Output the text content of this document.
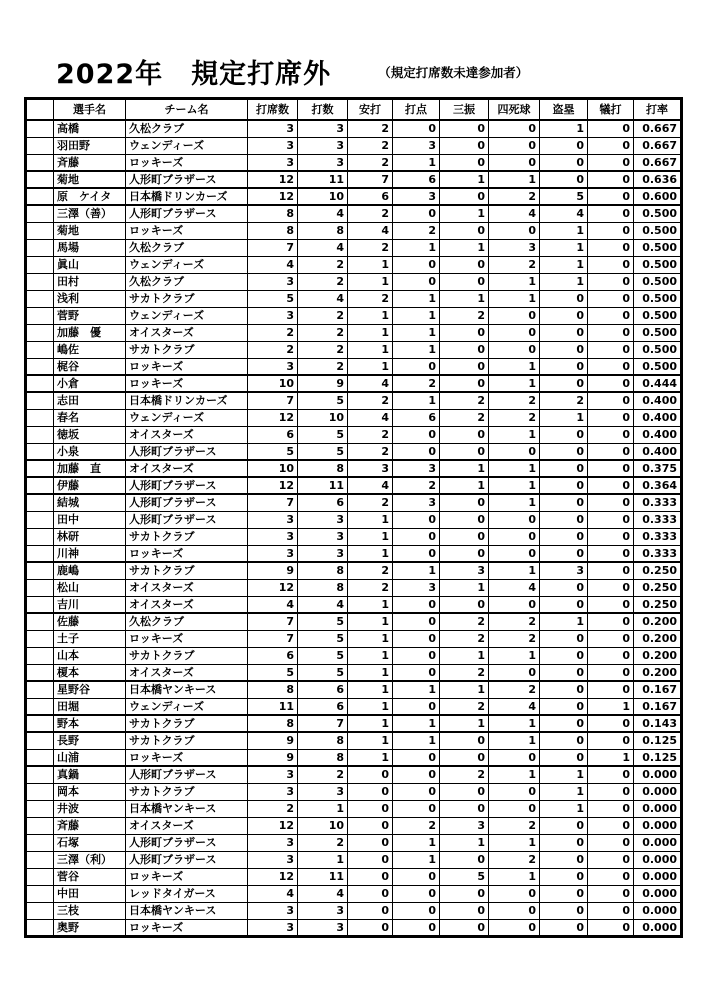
2022年　規定打席外	（規定打席数未達参加者）
	選手名	チーム名	打席数	打数	安打	打点	三振	四死球	盗塁	犠打	打率
	高橋	久松クラブ	3	3	2	0	0	0	1	0	0.667
	羽田野	ウェンディーズ	3	3	2	3	0	0	0	0	0.667
	斉藤	ロッキーズ	3	3	2	1	0	0	0	0	0.667
	菊地	人形町ブラザース	12	11	7	6	1	1	0	0	0.636
	原　ケイタ	日本橋ドリンカーズ	12	10	6	3	0	2	5	0	0.600
	三澤（善）	人形町ブラザース	8	4	2	0	1	4	4	0	0.500
	菊地	ロッキーズ	8	8	4	2	0	0	1	0	0.500
	馬場	久松クラブ	7	4	2	1	1	3	1	0	0.500
	眞山	ウェンディーズ	4	2	1	0	0	2	1	0	0.500
	田村	久松クラブ	3	2	1	0	0	1	1	0	0.500
	浅利	サカトクラブ	5	4	2	1	1	1	0	0	0.500
	菅野	ウェンディーズ	3	2	1	1	2	0	0	0	0.500
	加藤　優	オイスターズ	2	2	1	1	0	0	0	0	0.500
	嶋佐	サカトクラブ	2	2	1	1	0	0	0	0	0.500
	梶谷	ロッキーズ	3	2	1	0	0	1	0	0	0.500
	小倉	ロッキーズ	10	9	4	2	0	1	0	0	0.444
	志田	日本橋ドリンカーズ	7	5	2	1	2	2	2	0	0.400
	春名	ウェンディーズ	12	10	4	6	2	2	1	0	0.400
	徳坂	オイスターズ	6	5	2	0	0	1	0	0	0.400
	小泉	人形町ブラザース	5	5	2	0	0	0	0	0	0.400
	加藤　直	オイスターズ	10	8	3	3	1	1	0	0	0.375
	伊藤	人形町ブラザース	12	11	4	2	1	1	0	0	0.364
	結城	人形町ブラザース	7	6	2	3	0	1	0	0	0.333
	田中	人形町ブラザース	3	3	1	0	0	0	0	0	0.333
	林研	サカトクラブ	3	3	1	0	0	0	0	0	0.333
	川神	ロッキーズ	3	3	1	0	0	0	0	0	0.333
	鹿嶋	サカトクラブ	9	8	2	1	3	1	3	0	0.250
	松山	オイスターズ	12	8	2	3	1	4	0	0	0.250
	吉川	オイスターズ	4	4	1	0	0	0	0	0	0.250
	佐藤	久松クラブ	7	5	1	0	2	2	1	0	0.200
	土子	ロッキーズ	7	5	1	0	2	2	0	0	0.200
	山本	サカトクラブ	6	5	1	0	1	1	0	0	0.200
	榎本	オイスターズ	5	5	1	0	2	0	0	0	0.200
	星野谷	日本橋ヤンキース	8	6	1	1	1	2	0	0	0.167
	田堀	ウェンディーズ	11	6	1	0	2	4	0	1	0.167
	野本	サカトクラブ	8	7	1	1	1	1	0	0	0.143
	長野	サカトクラブ	9	8	1	1	0	1	0	0	0.125
	山浦	ロッキーズ	9	8	1	0	0	0	0	1	0.125
	真鍋	人形町ブラザース	3	2	0	0	2	1	1	0	0.000
	岡本	サカトクラブ	3	3	0	0	0	0	1	0	0.000
	井波	日本橋ヤンキース	2	1	0	0	0	0	1	0	0.000
	斉藤	オイスターズ	12	10	0	2	3	2	0	0	0.000
	石塚	人形町ブラザース	3	2	0	1	1	1	0	0	0.000
	三澤（利）	人形町ブラザース	3	1	0	1	0	2	0	0	0.000
	菅谷	ロッキーズ	12	11	0	0	5	1	0	0	0.000
	中田	レッドタイガース	4	4	0	0	0	0	0	0	0.000
	三枝	日本橋ヤンキース	3	3	0	0	0	0	0	0	0.000
	奥野	ロッキーズ	3	3	0	0	0	0	0	0	0.000
